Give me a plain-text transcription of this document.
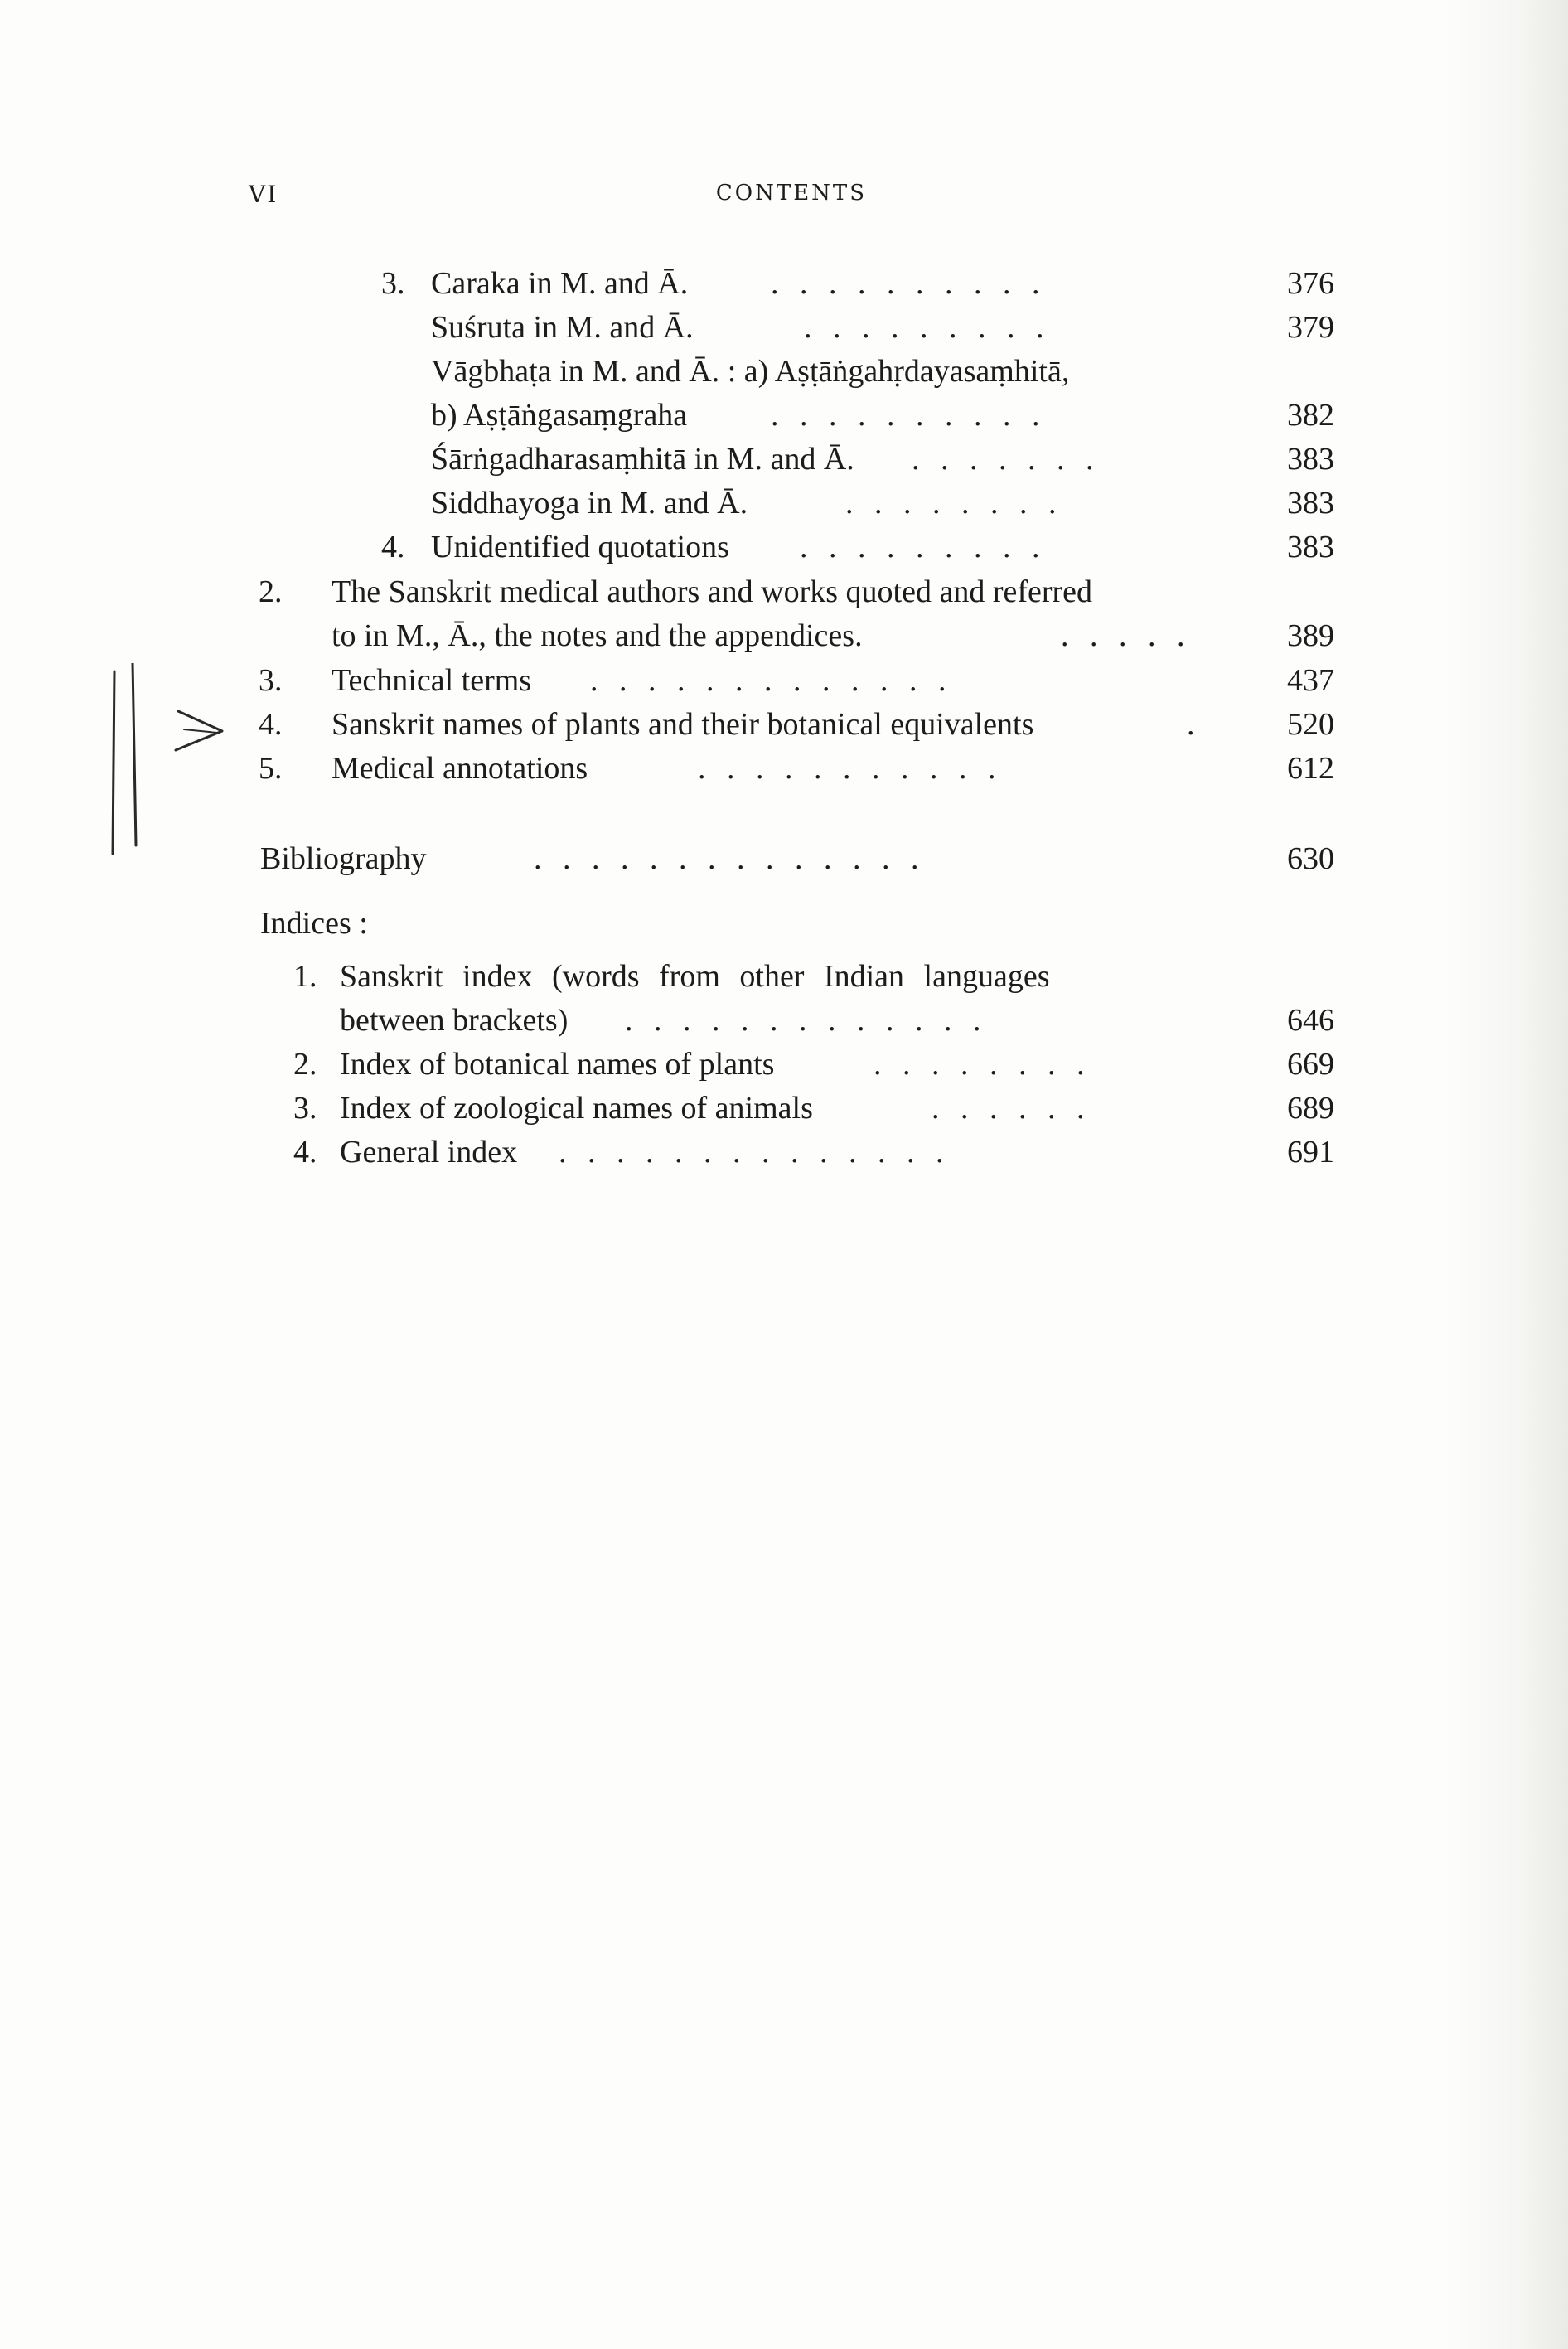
VI	CONTENTS
3. Caraka in M. and Ā.	. . . . . . . . . .	376
Suśruta in M. and Ā.	. . . . . . . . .	379
Vāgbhaṭa in M. and Ā. : a) Aṣṭāṅgahṛdayasaṃhitā,
b) Aṣṭāṅgasaṃgraha	. . . . . . . . . .	382
Śārṅgadharasaṃhitā in M. and Ā. . . . . . . .	383
Siddhayoga in M. and Ā.	. . . . . . . .	383
4. Unidentified quotations . . . . . . . . .	383
2.	The Sanskrit medical authors and works quoted and referred
to in M., Ā., the notes and the appendices.	. . . . .	389
3.	Technical terms . . . . . . . . . . . . .	437
4.	Sanskrit names of plants and their botanical equivalents	.	520
5.	Medical annotations	. . . . . . . . . . .	612
Bibliography	. . . . . . . . . . . . . .	630
Indices :
1. Sanskrit index (words from other Indian languages
between brackets) . . . . . . . . . . . . .	646
2. Index of botanical names of plants	. . . . . . . .	669
3. Index of zoological names of animals	. . . . . .	689
4. General index . . . . . . . . . . . . . .	691
